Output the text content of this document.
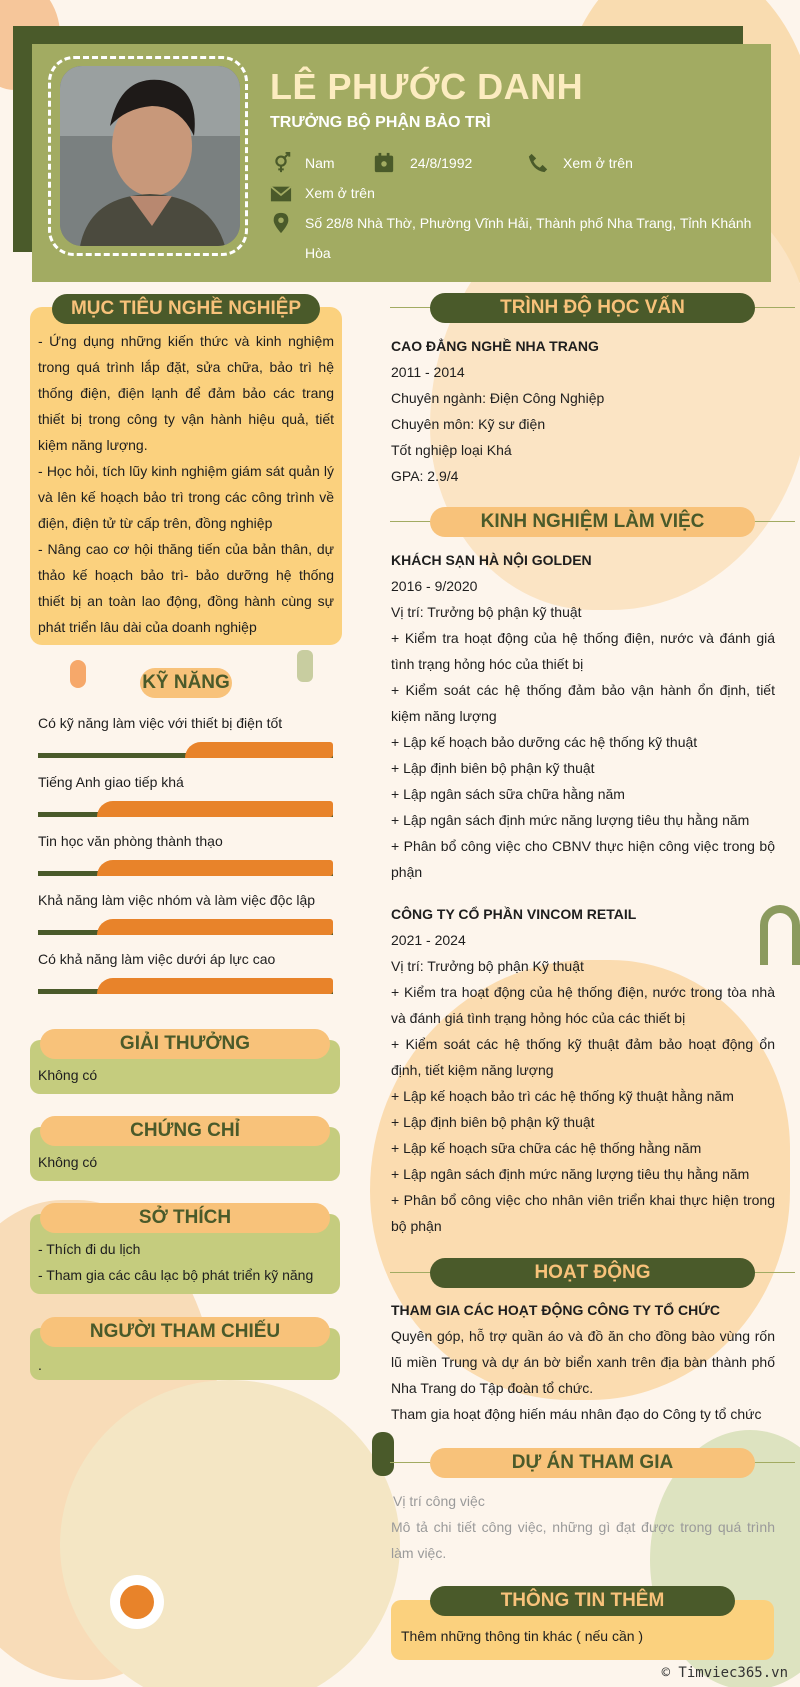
LÊ PHƯỚC DANH
TRƯỞNG BỘ PHẬN BẢO TRÌ
Nam	24/8/1992	Xem ở trên
Xem ở trên
Số 28/8 Nhà Thờ, Phường Vĩnh Hải, Thành phố Nha Trang, Tỉnh Khánh
Hòa
MỤC TIÊU NGHỀ NGHIỆP
- Ứng dụng những kiến thức và kinh nghiệm trong quá trình lắp đặt, sửa chữa, bảo trì hệ thống điện, điện lạnh để đảm bảo các trang thiết bị trong công ty vận hành hiệu quả, tiết kiệm năng lượng.
- Học hỏi, tích lũy kinh nghiệm giám sát quản lý và lên kế hoạch bảo trì trong các công trình về điện, điện tử từ cấp trên, đồng nghiệp
- Nâng cao cơ hội thăng tiến của bản thân, dự thảo kế hoạch bảo trì- bảo dưỡng hệ thống thiết bị an toàn lao động, đồng hành cùng sự phát triển lâu dài của doanh nghiệp
KỸ NĂNG
Có kỹ năng làm việc với thiết bị điện tốt
Tiếng Anh giao tiếp khá
Tin học văn phòng thành thạo
Khả năng làm việc nhóm và làm việc độc lập
Có khả năng làm việc dưới áp lực cao
GIẢI THƯỞNG
Không có
CHỨNG CHỈ
Không có
SỞ THÍCH
- Thích đi du lịch
- Tham gia các câu lạc bộ phát triển kỹ năng
NGƯỜI THAM CHIẾU
.
TRÌNH ĐỘ HỌC VẤN
CAO ĐẲNG NGHỀ NHA TRANG
2011 - 2014
Chuyên ngành: Điện Công Nghiệp
Chuyên môn: Kỹ sư điện
Tốt nghiệp loại Khá
GPA: 2.9/4
KINH NGHIỆM LÀM VIỆC
KHÁCH SẠN HÀ NỘI GOLDEN
2016 - 9/2020
Vị trí: Trưởng bộ phận kỹ thuật
+ Kiểm tra hoạt động của hệ thống điện, nước và đánh giá tình trạng hỏng hóc của thiết bị
+ Kiểm soát các hệ thống đảm bảo vận hành ổn định, tiết kiệm năng lượng
+ Lập kế hoạch bảo dưỡng các hệ thống kỹ thuật
+ Lập định biên bộ phận kỹ thuật
+ Lập ngân sách sữa chữa hằng năm
+ Lập ngân sách định mức năng lượng tiêu thụ hằng năm
+ Phân bổ công việc cho CBNV thực hiện công việc trong bộ phận
CÔNG TY CỔ PHẦN VINCOM RETAIL
2021 - 2024
Vị trí: Trưởng bộ phận Kỹ thuật
+ Kiểm tra hoạt động của hệ thống điện, nước trong tòa nhà và đánh giá tình trạng hỏng hóc của các thiết bị
+ Kiểm soát các hệ thống kỹ thuật đảm bảo hoạt động ổn định, tiết kiệm năng lượng
+ Lập kế hoạch bảo trì các hệ thống kỹ thuật hằng năm
+ Lập định biên bộ phận kỹ thuật
+ Lập kế hoạch sữa chữa các hệ thống hằng năm
+ Lập ngân sách định mức năng lượng tiêu thụ hằng năm
+ Phân bổ công việc cho nhân viên triển khai thực hiện trong bộ phận
HOẠT ĐỘNG
THAM GIA CÁC HOẠT ĐỘNG CÔNG TY TỔ CHỨC
Quyên góp, hỗ trợ quần áo và đồ ăn cho đồng bào vùng rốn lũ miền Trung và dự án bờ biển xanh trên địa bàn thành phố Nha Trang do Tập đoàn tổ chức.
Tham gia hoạt động hiến máu nhân đạo do Công ty tổ chức
DỰ ÁN THAM GIA
Vị trí công việc
Mô tả chi tiết công việc, những gì đạt được trong quá trình làm việc.
THÔNG TIN THÊM
Thêm những thông tin khác ( nếu cần )
© Timviec365.vn
